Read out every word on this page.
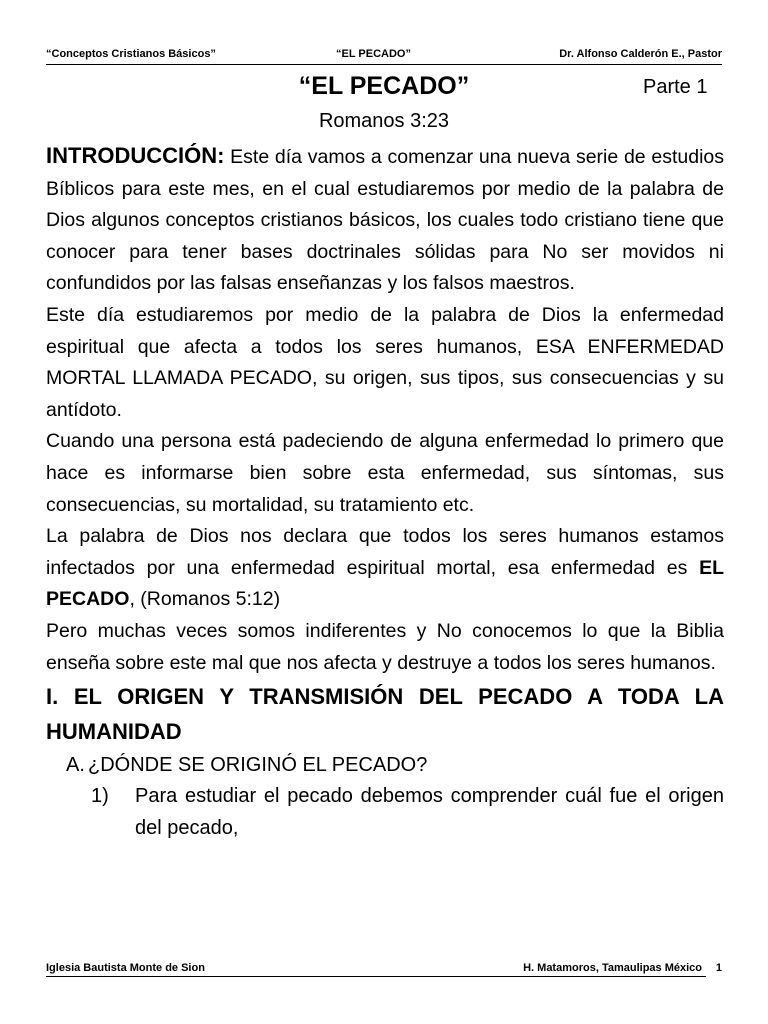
“Conceptos Cristianos Básicos”	“EL PECADO”	Dr. Alfonso Calderón E., Pastor
“EL PECADO”	Parte 1
Romanos 3:23

INTRODUCCIÓN: Este día vamos a comenzar una nueva serie de estudios Bíblicos para este mes, en el cual estudiaremos por medio de la palabra de Dios algunos conceptos cristianos básicos, los cuales todo cristiano tiene que conocer para tener bases doctrinales sólidas para No ser movidos ni confundidos por las falsas enseñanzas y los falsos maestros.

Este día estudiaremos por medio de la palabra de Dios la enfermedad espiritual que afecta a todos los seres humanos, ESA ENFERMEDAD MORTAL LLAMADA PECADO, su origen, sus tipos, sus consecuencias y su antídoto.

Cuando una persona está padeciendo de alguna enfermedad lo primero que hace es informarse bien sobre esta enfermedad, sus síntomas, sus consecuencias, su mortalidad, su tratamiento etc.

La palabra de Dios nos declara que todos los seres humanos estamos infectados por una enfermedad espiritual mortal, esa enfermedad es EL PECADO, (Romanos 5:12)

Pero muchas veces somos indiferentes y No conocemos lo que la Biblia enseña sobre este mal que nos afecta y destruye a todos los seres humanos.

I. EL ORIGEN Y TRANSMISIÓN DEL PECADO A TODA LA HUMANIDAD

A. ¿DÓNDE SE ORIGINÓ EL PECADO?

1) Para estudiar el pecado debemos comprender cuál fue el origen del pecado,

Iglesia Bautista Monte de Sion	H. Matamoros, Tamaulipas México 1
